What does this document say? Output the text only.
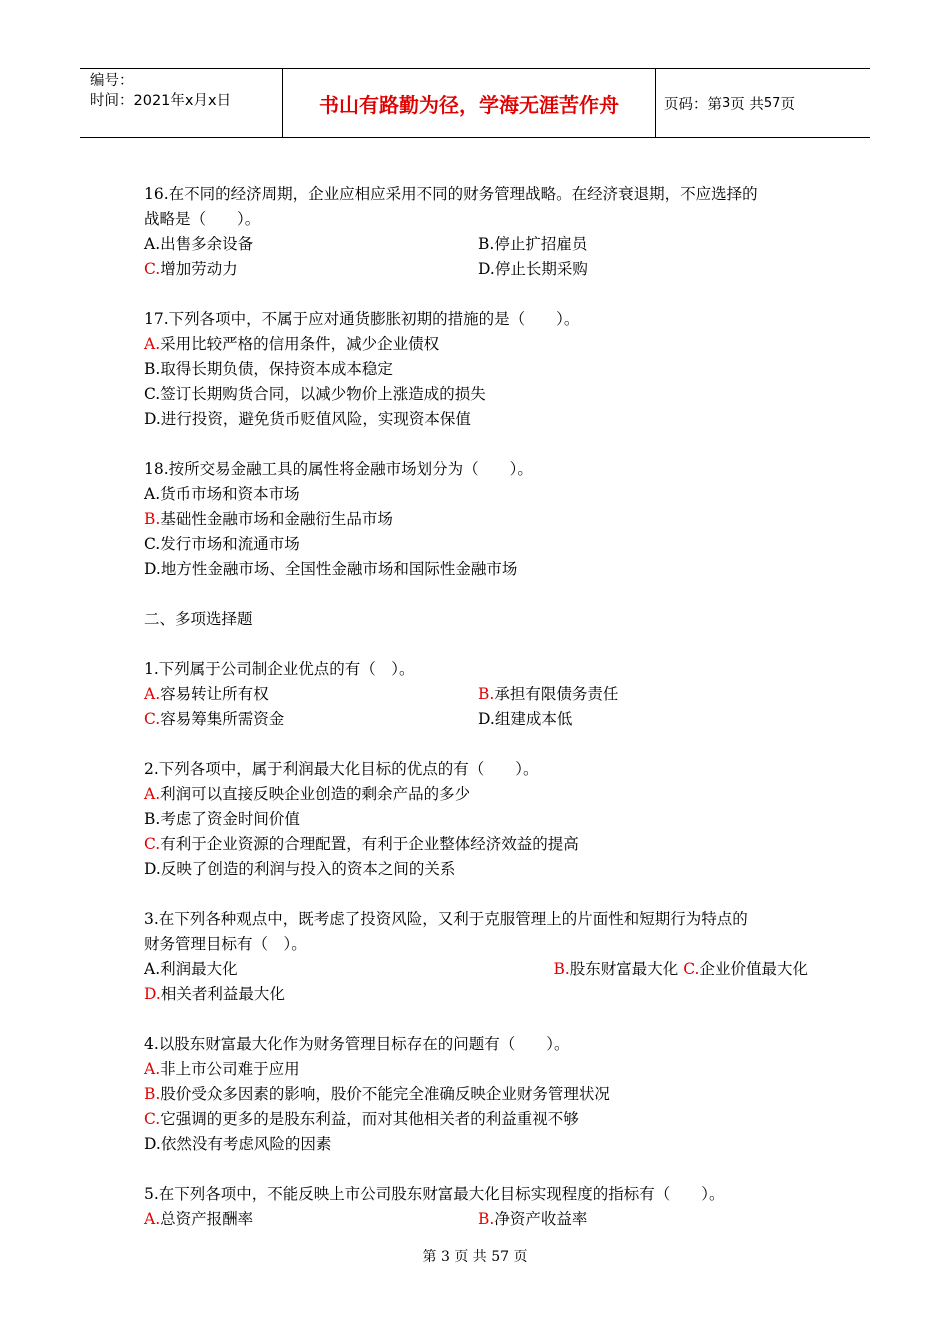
编号：
时间：2021年x月x日	书山有路勤为径，学海无涯苦作舟	页码：第 3 页 共 57 页
16.在不同的经济周期，企业应相应采用不同的财务管理战略。在经济衰退期，不应选择的
战略是（　　）。
A.出售多余设备	B.停止扩招雇员
C.增加劳动力	D.停止长期采购
17.下列各项中，不属于应对通货膨胀初期的措施的是（　　）。
A.采用比较严格的信用条件，减少企业债权
B.取得长期负债，保持资本成本稳定
C.签订长期购货合同，以减少物价上涨造成的损失
D.进行投资，避免货币贬值风险，实现资本保值
18.按所交易金融工具的属性将金融市场划分为（　　）。
A.货币市场和资本市场
B.基础性金融市场和金融衍生品市场
C.发行市场和流通市场
D.地方性金融市场、全国性金融市场和国际性金融市场
二、多项选择题
1.下列属于公司制企业优点的有（　）。
A.容易转让所有权	B.承担有限债务责任
C.容易筹集所需资金	D.组建成本低
2.下列各项中，属于利润最大化目标的优点的有（　　）。
A.利润可以直接反映企业创造的剩余产品的多少
B.考虑了资金时间价值
C.有利于企业资源的合理配置，有利于企业整体经济效益的提高
D.反映了创造的利润与投入的资本之间的关系
3.在下列各种观点中，既考虑了投资风险，又利于克服管理上的片面性和短期行为特点的
财务管理目标有（　）。
A.利润最大化	B.股东财富最大化 C.企业价值最大化
D.相关者利益最大化
4.以股东财富最大化作为财务管理目标存在的问题有（　　）。
A.非上市公司难于应用
B.股价受众多因素的影响，股价不能完全准确反映企业财务管理状况
C.它强调的更多的是股东利益，而对其他相关者的利益重视不够
D.依然没有考虑风险的因素
5.在下列各项中，不能反映上市公司股东财富最大化目标实现程度的指标有（　　）。
A.总资产报酬率	B.净资产收益率
第 3 页 共 57 页
